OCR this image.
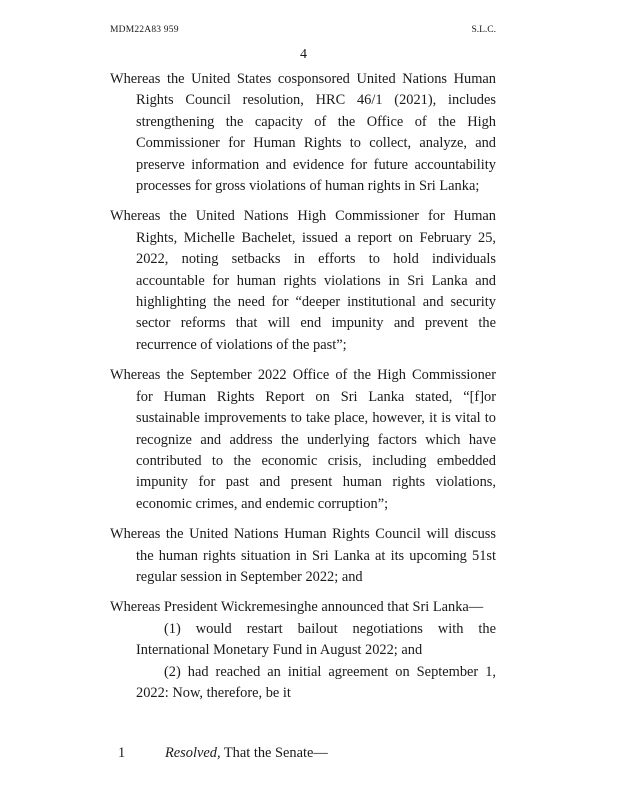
MDM22A83 959	S.L.C.
4

Whereas the United States cosponsored United Nations Human Rights Council resolution, HRC 46/1 (2021), includes strengthening the capacity of the Office of the High Commissioner for Human Rights to collect, analyze, and preserve information and evidence for future accountability processes for gross violations of human rights in Sri Lanka;

Whereas the United Nations High Commissioner for Human Rights, Michelle Bachelet, issued a report on February 25, 2022, noting setbacks in efforts to hold individuals accountable for human rights violations in Sri Lanka and highlighting the need for “deeper institutional and security sector reforms that will end impunity and prevent the recurrence of violations of the past”;

Whereas the September 2022 Office of the High Commissioner for Human Rights Report on Sri Lanka stated, “[f]or sustainable improvements to take place, however, it is vital to recognize and address the underlying factors which have contributed to the economic crisis, including embedded impunity for past and present human rights violations, economic crimes, and endemic corruption”;

Whereas the United Nations Human Rights Council will discuss the human rights situation in Sri Lanka at its upcoming 51st regular session in September 2022; and

Whereas President Wickremesinghe announced that Sri Lanka—

(1) would restart bailout negotiations with the International Monetary Fund in August 2022; and

(2) had reached an initial agreement on September 1, 2022: Now, therefore, be it

1	Resolved, That the Senate—
